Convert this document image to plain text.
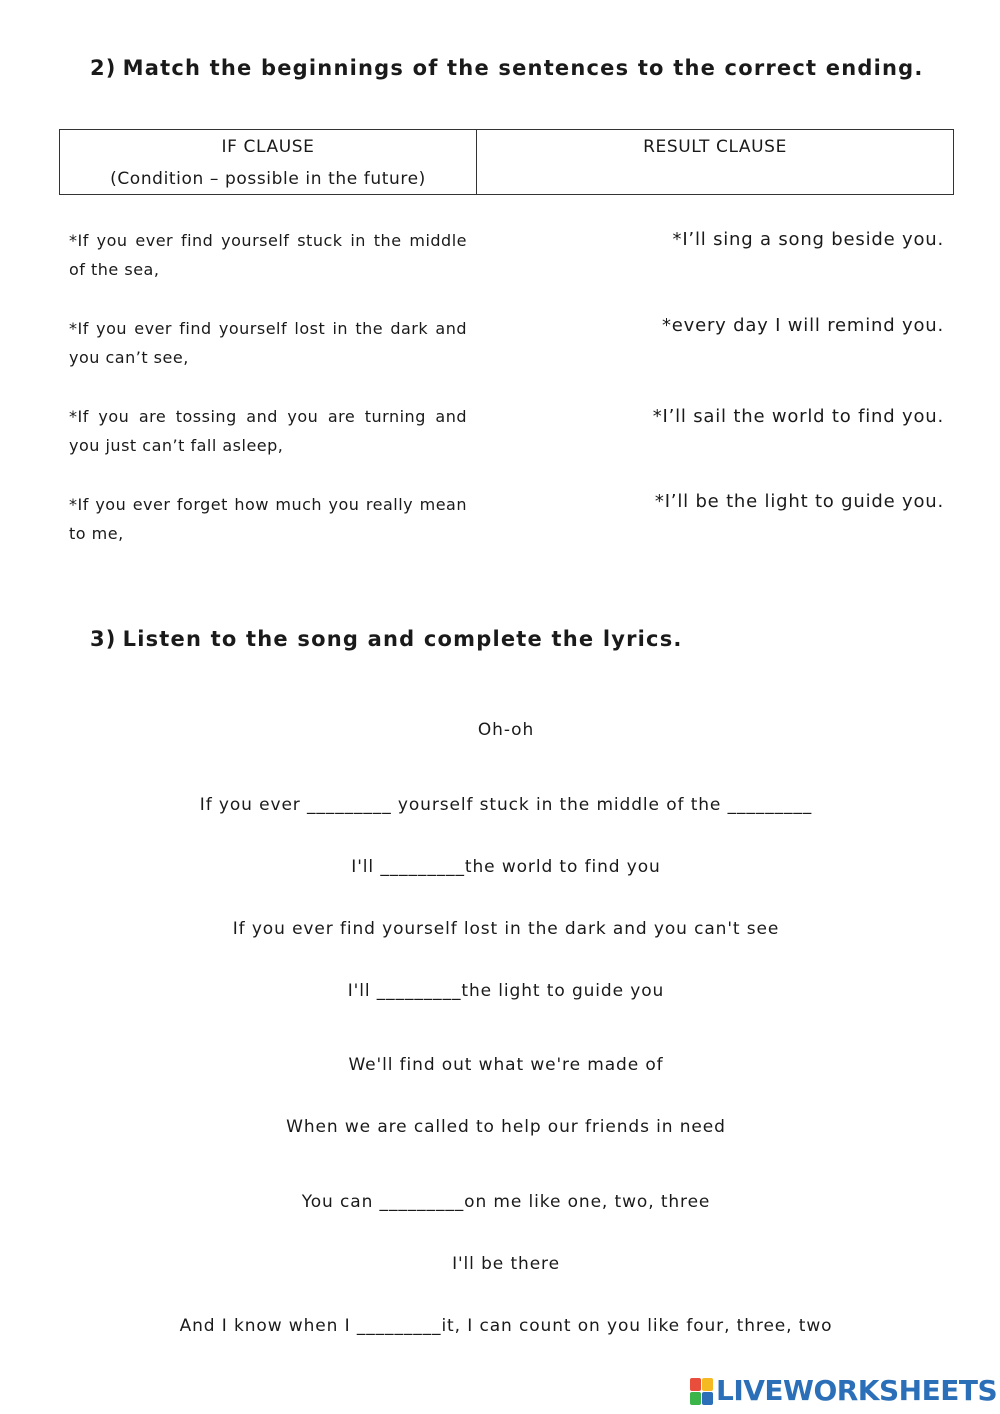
2) Match the beginnings of the sentences to the correct ending.
IF CLAUSE
(Condition – possible in the future)
RESULT CLAUSE
*If you ever find yourself stuck in the middle of the sea,
*If you ever find yourself lost in the dark and you can’t see,
*If you are tossing and you are turning and you just can’t fall asleep,
*If you ever forget how much you really mean to me,
*I’ll sing a song beside you.
*every day I will remind you.
*I’ll sail the world to find you.
*I’ll be the light to guide you.
3) Listen to the song and complete the lyrics.
Oh-oh
If you ever _________ yourself stuck in the middle of the _________
I'll _________the world to find you
If you ever find yourself lost in the dark and you can't see
I'll _________the light to guide you
We'll find out what we're made of
When we are called to help our friends in need
You can _________on me like one, two, three
I'll be there
And I know when I _________it, I can count on you like four, three, two
LIVEWORKSHEETS
